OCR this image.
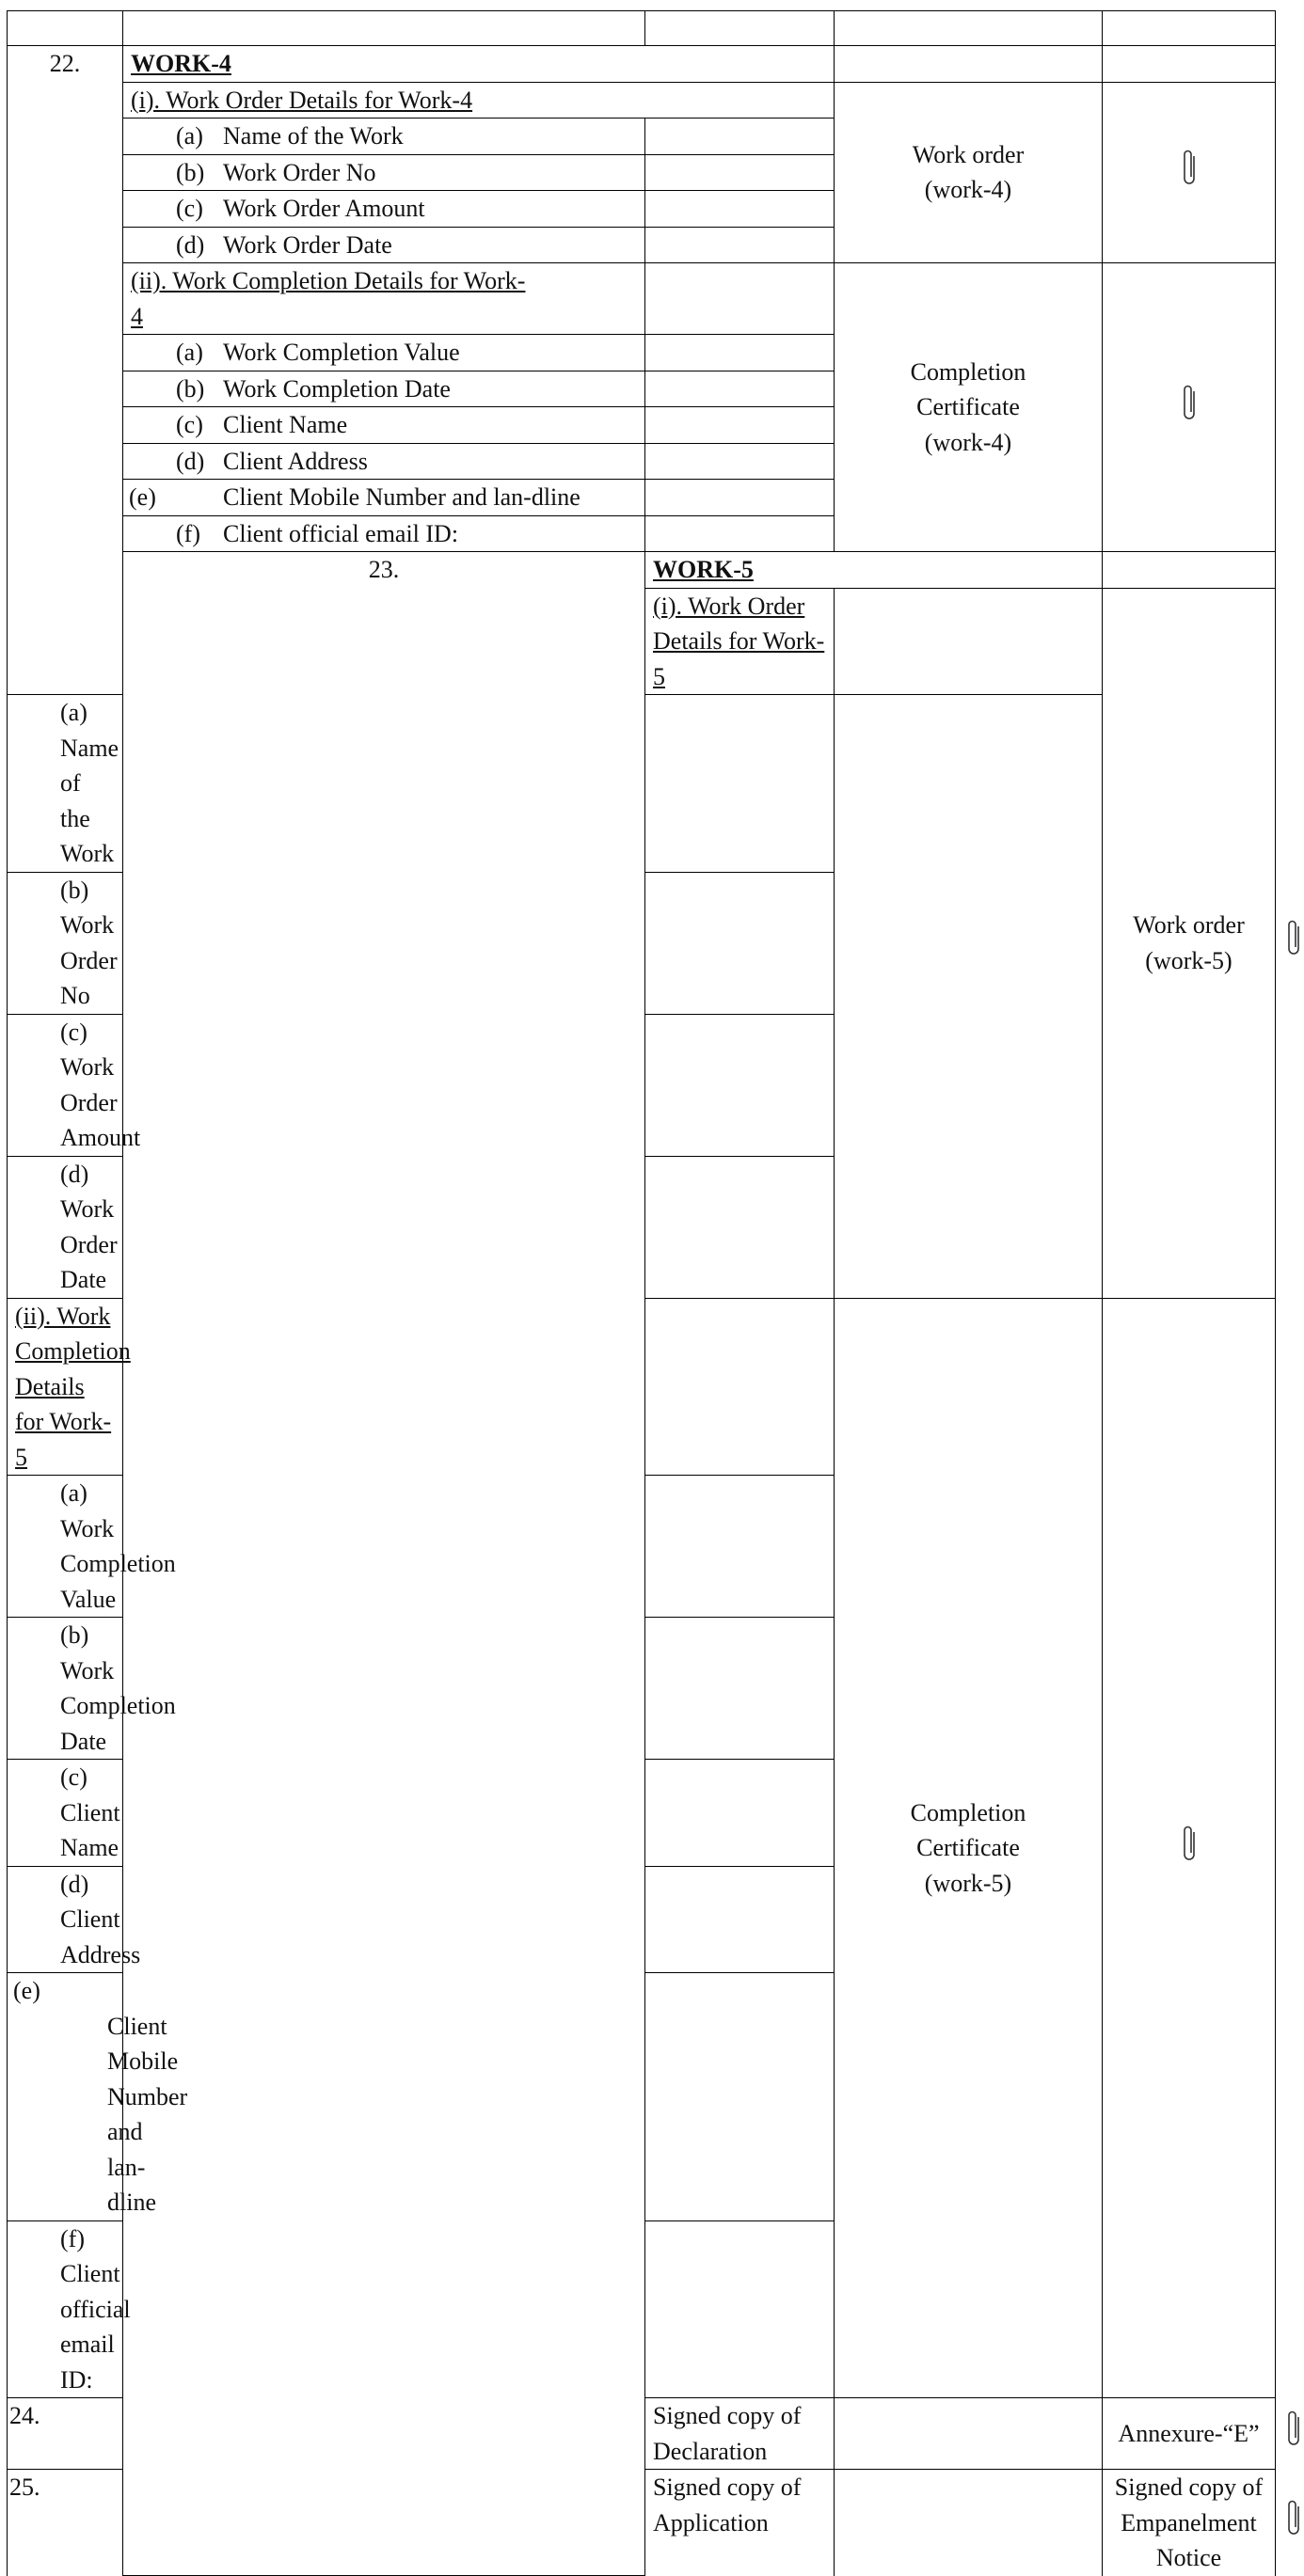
22.	WORK-4				
	(i). Work Order Details for Work-4		Work order
(work-4)	
	(a) Name of the Work				
	(b) Work Order No				
	(c) Work Order Amount				
	(d) Work Order Date				
	(ii). Work Completion Details for Work-
4		Completion
Certificate
(work-4)	
	(a) Work Completion Value				
	(b) Work Completion Date				
	(c) Client Name				
	(d) Client Address				
	(e) Client Mobile Number and lan-dline				
	(f) Client official email ID:				
	23.	WORK-5			
		(i). Work Order Details for Work-5		Work order
(work-5)	
(a)Name of the Work					
(b)Work Order No					
(c)Work Order Amount					
(d)Work Order Date					
(ii). Work Completion Details for Work-
5			Completion
Certificate
(work-5)	
(a)Work Completion Value					
(b)Work Completion Date					
(c)Client Name					
(d)Client Address					
(e)Client Mobile Number and lan-dline					
(f)Client official email ID:					
24.		Signed copy of Declaration		Annexure-“E”	
25.		Signed copy of Application		Signed copy of
Empanelment
Notice	
